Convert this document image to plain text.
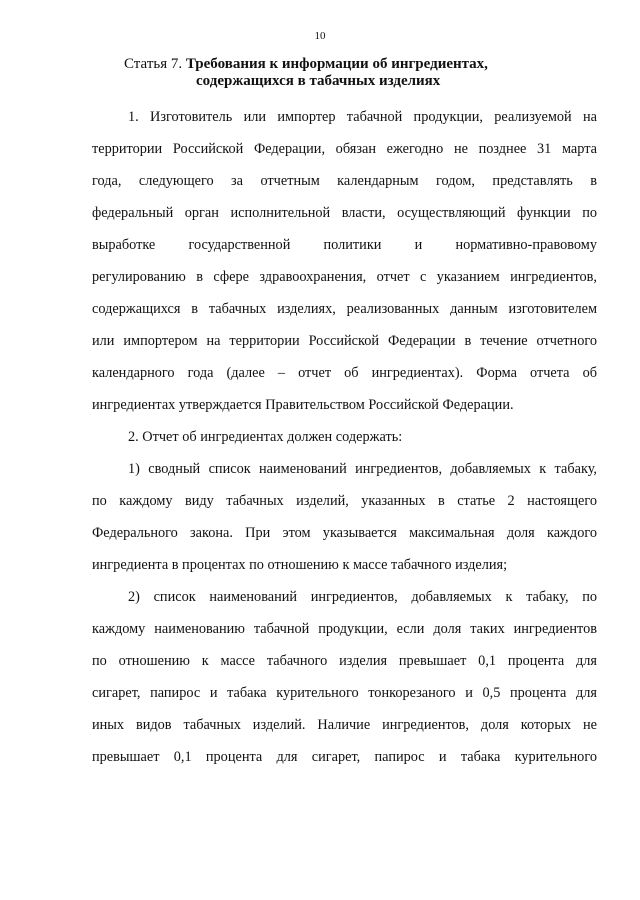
10
Статья 7. Требования к информации об ингредиентах,
содержащихся в табачных изделиях
1. Изготовитель или импортер табачной продукции, реализуемой на
территории Российской Федерации, обязан ежегодно не позднее 31 марта
года, следующего за отчетным календарным годом, представлять в
федеральный орган исполнительной власти, осуществляющий функции по
выработке государственной политики и нормативно-правовому
регулированию в сфере здравоохранения, отчет с указанием ингредиентов,
содержащихся в табачных изделиях, реализованных данным изготовителем
или импортером на территории Российской Федерации в течение отчетного
календарного года (далее – отчет об ингредиентах). Форма отчета об
ингредиентах утверждается Правительством Российской Федерации.
2. Отчет об ингредиентах должен содержать:
1) сводный список наименований ингредиентов, добавляемых к табаку,
по каждому виду табачных изделий, указанных в статье 2 настоящего
Федерального закона. При этом указывается максимальная доля каждого
ингредиента в процентах по отношению к массе табачного изделия;
2) список наименований ингредиентов, добавляемых к табаку, по
каждому наименованию табачной продукции, если доля таких ингредиентов
по отношению к массе табачного изделия превышает 0,1 процента для
сигарет, папирос и табака курительного тонкорезаного и 0,5 процента для
иных видов табачных изделий. Наличие ингредиентов, доля которых не
превышает 0,1 процента для сигарет, папирос и табака курительного
